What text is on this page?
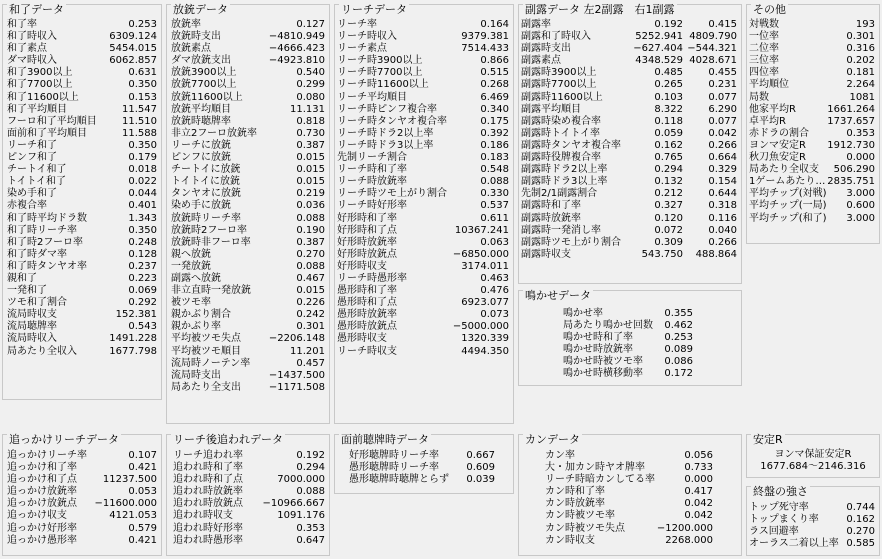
和了データ
和了率	0.253
和了時収入	6309.124
和了素点	5454.015
ダマ時収入	6062.857
和了3900以上	0.631
和了7700以上	0.350
和了11600以上	0.153
和了平均順目	11.547
フーロ和了平均順目	11.510
面前和了平均順目	11.588
リーチ和了	0.350
ピンフ和了	0.179
チートイ和了	0.018
トイトイ和了	0.022
染め手和了	0.044
赤複合率	0.401
和了時平均ドラ数	1.343
和了時リーチ率	0.350
和了時2フーロ率	0.248
和了時ダマ率	0.128
和了時タンヤオ率	0.237
親和了	0.223
一発和了	0.069
ツモ和了割合	0.292
流局時収支	152.381
流局聴牌率	0.543
流局時収入	1491.228
局あたり全収入	1677.798
放銃データ
放銃率	0.127
放銃時支出	−4810.949
放銃素点	−4666.423
ダマ放銃支出	−4923.810
放銃3900以上	0.540
放銃7700以上	0.299
放銃11600以上	0.080
放銃平均順目	11.131
放銃時聴牌率	0.818
非立2フーロ放銃率	0.730
リーチに放銃	0.387
ピンフに放銃	0.015
チートイに放銃	0.015
トイトイに放銃	0.015
タンヤオに放銃	0.219
染め手に放銃	0.036
放銃時リーチ率	0.088
放銃時2フーロ率	0.190
放銃時非フーロ率	0.387
親へ放銃	0.270
一発放銃	0.088
副露へ放銃	0.467
非立直時一発放銃	0.015
被ツモ率	0.226
親かぶり割合	0.242
親かぶり率	0.301
平均被ツモ失点	−2206.148
平均被ツモ順目	11.201
流局時ノーテン率	0.457
流局時支出	−1437.500
局あたり全支出	−1171.508
リーチデータ
リーチ率	0.164
リーチ時収入	9379.381
リーチ素点	7514.433
リーチ時3900以上	0.866
リーチ時7700以上	0.515
リーチ時11600以上	0.268
リーチ平均順目	6.469
リーチ時ピンフ複合率	0.340
リーチ時タンヤオ複合率	0.175
リーチ時ドラ2以上率	0.392
リーチ時ドラ3以上率	0.186
先制リーチ割合	0.183
リーチ時和了率	0.548
リーチ時放銃率	0.088
リーチ時ツモ上がり割合	0.330
リーチ時好形率	0.537
好形時和了率	0.611
好形時和了点	10367.241
好形時放銃率	0.063
好形時放銃点	−6850.000
好形時収支	3174.011
リーチ時愚形率	0.463
愚形時和了率	0.476
愚形時和了点	6923.077
愚形時放銃率	0.073
愚形時放銃点	−5000.000
愚形時収支	1320.339
リーチ時収支	4494.350
副露データ 左2副露　右1副露
副露率	0.192	0.415
副露和了時収入	5252.941 4809.790
副露時支出	−627.404 −544.321
副露素点	4348.529 4028.671
副露時3900以上	0.485	0.455
副露時7700以上	0.265	0.231
副露時11600以上	0.103	0.077
副露平均順目	8.322	6.290
副露時染め複合率	0.118	0.077
副露時トイトイ率	0.059	0.042
副露時タンヤオ複合率	0.162	0.266
副露時役牌複合率	0.765	0.664
副露時ドラ2以上率	0.294	0.329
副露時ドラ3以上率	0.132	0.154
先制2/1副露割合	0.212	0.644
副露時和了率	0.327	0.318
副露時放銃率	0.120	0.116
副露時一発消し率	0.072	0.040
副露時ツモ上がり割合	0.309	0.266
副露時収支	543.750 488.864
その他
対戦数	193
一位率	0.301
二位率	0.316
三位率	0.202
四位率	0.181
平均順位	2.264
局数	1081
他家平均R	1661.264
卓平均R	1737.657
赤ドラの割合	0.353
ヨンマ安定R 1912.730
秋刀魚安定R	0.000
局あたり全収支 506.290
1ゲームあたり… 2835.751
平均チップ(対戦) 3.000
平均チップ(一局) 0.600
平均チップ(和了) 3.000
鳴かせデータ
鳴かせ率	0.355
局あたり鳴かせ回数 0.462
鳴かせ時和了率	0.253
鳴かせ時放銃率	0.089
鳴かせ時被ツモ率 0.086
鳴かせ時横移動率 0.172
追っかけリーチデータ
追っかけリーチ率	0.107
追っかけ和了率	0.421
追っかけ和了点	11237.500
追っかけ放銃率	0.053
追っかけ放銃点 −11600.000
追っかけ収支	4121.053
追っかけ好形率	0.579
追っかけ愚形率	0.421
リーチ後追われデータ
リーチ追われ率	0.192
追われ時和了率	0.294
追われ時和了点	7000.000
追われ時放銃率	0.088
追われ時放銃点 −10966.667
追われ時収支	1091.176
追われ時好形率	0.353
追われ時愚形率	0.647
面前聴牌時データ
好形聴牌時リーチ率	0.667
愚形聴牌時リーチ率	0.609
愚形聴牌時聴牌とらず 0.039
カンデータ
カン率	0.056
大・加カン時ヤオ牌率	0.733
リーチ時暗カンしてる率	0.000
カン時和了率	0.417
カン時放銃率	0.042
カン時被ツモ率	0.042
カン時被ツモ失点	−1200.000
カン時収支	2268.000
安定R
ヨンマ保証安定R
1677.684〜2146.316
終盤の強さ
トップ死守率	0.744
トップまくり率	0.162
ラス回避率	0.270
オーラス二着以上率 0.585
